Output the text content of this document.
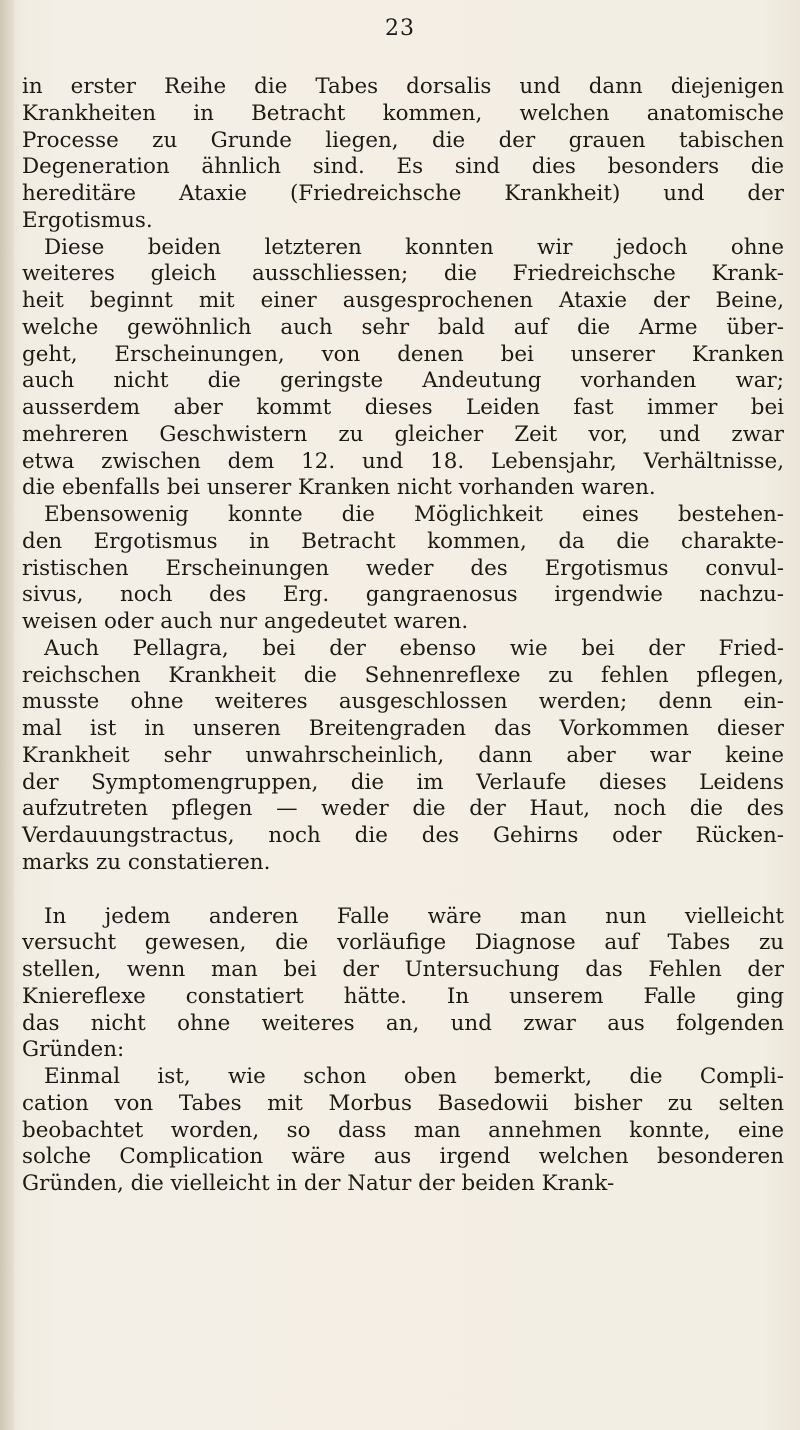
23
in erster Reihe die Tabes dorsalis und dann diejenigen
Krankheiten in Betracht kommen, welchen anatomische
Processe zu Grunde liegen, die der grauen tabischen
Degeneration ähnlich sind. Es sind dies besonders die
hereditäre Ataxie (Friedreichsche Krankheit) und der
Ergotismus.
Diese beiden letzteren konnten wir jedoch ohne
weiteres gleich ausschliessen; die Friedreichsche Krank-
heit beginnt mit einer ausgesprochenen Ataxie der Beine,
welche gewöhnlich auch sehr bald auf die Arme über-
geht, Erscheinungen, von denen bei unserer Kranken
auch nicht die geringste Andeutung vorhanden war;
ausserdem aber kommt dieses Leiden fast immer bei
mehreren Geschwistern zu gleicher Zeit vor, und zwar
etwa zwischen dem 12. und 18. Lebensjahr, Verhältnisse,
die ebenfalls bei unserer Kranken nicht vorhanden waren.
Ebensowenig konnte die Möglichkeit eines bestehen-
den Ergotismus in Betracht kommen, da die charakte-
ristischen Erscheinungen weder des Ergotismus convul-
sivus, noch des Erg. gangraenosus irgendwie nachzu-
weisen oder auch nur angedeutet waren.
Auch Pellagra, bei der ebenso wie bei der Fried-
reichschen Krankheit die Sehnenreflexe zu fehlen pflegen,
musste ohne weiteres ausgeschlossen werden; denn ein-
mal ist in unseren Breitengraden das Vorkommen dieser
Krankheit sehr unwahrscheinlich, dann aber war keine
der Symptomengruppen, die im Verlaufe dieses Leidens
aufzutreten pflegen — weder die der Haut, noch die des
Verdauungstractus, noch die des Gehirns oder Rücken-
marks zu constatieren.
In jedem anderen Falle wäre man nun vielleicht
versucht gewesen, die vorläufige Diagnose auf Tabes zu
stellen, wenn man bei der Untersuchung das Fehlen der
Kniereflexe constatiert hätte. In unserem Falle ging
das nicht ohne weiteres an, und zwar aus folgenden
Gründen:
Einmal ist, wie schon oben bemerkt, die Compli-
cation von Tabes mit Morbus Basedowii bisher zu selten
beobachtet worden, so dass man annehmen konnte, eine
solche Complication wäre aus irgend welchen besonderen
Gründen, die vielleicht in der Natur der beiden Krank-
